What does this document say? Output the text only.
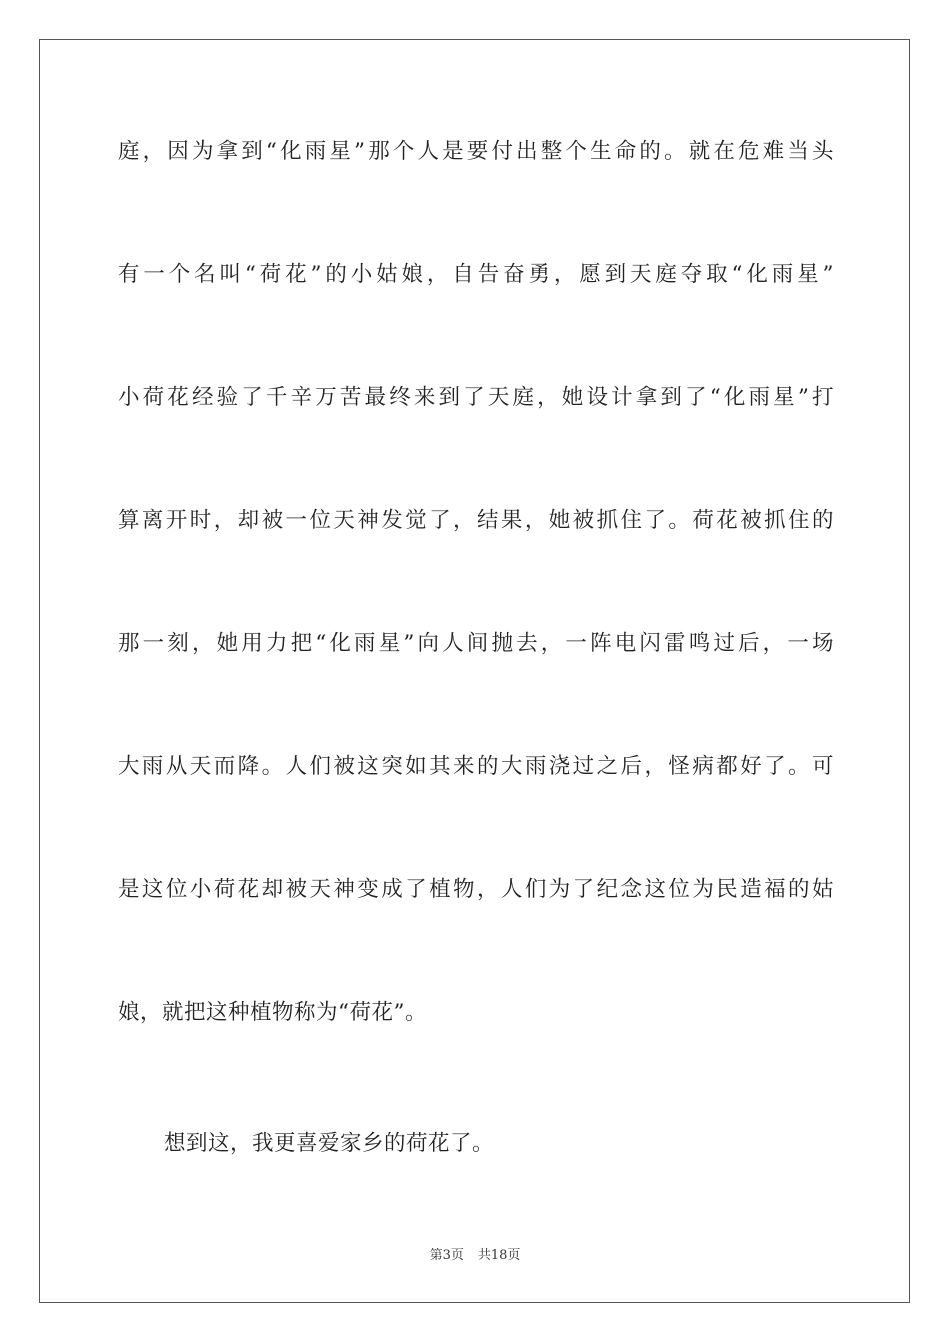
庭，因为拿到“化雨星”那个人是要付出整个生命的。就在危难当头
有一个名叫“荷花”的小姑娘，自告奋勇，愿到天庭夺取“化雨星”
小荷花经验了千辛万苦最终来到了天庭，她设计拿到了“化雨星”打
算离开时，却被一位天神发觉了，结果，她被抓住了。荷花被抓住的
那一刻，她用力把“化雨星”向人间抛去，一阵电闪雷鸣过后，一场
大雨从天而降。人们被这突如其来的大雨浇过之后，怪病都好了。可
是这位小荷花却被天神变成了植物，人们为了纪念这位为民造福的姑
娘，就把这种植物称为“荷花”。
想到这，我更喜爱家乡的荷花了。
第3页 共18页
